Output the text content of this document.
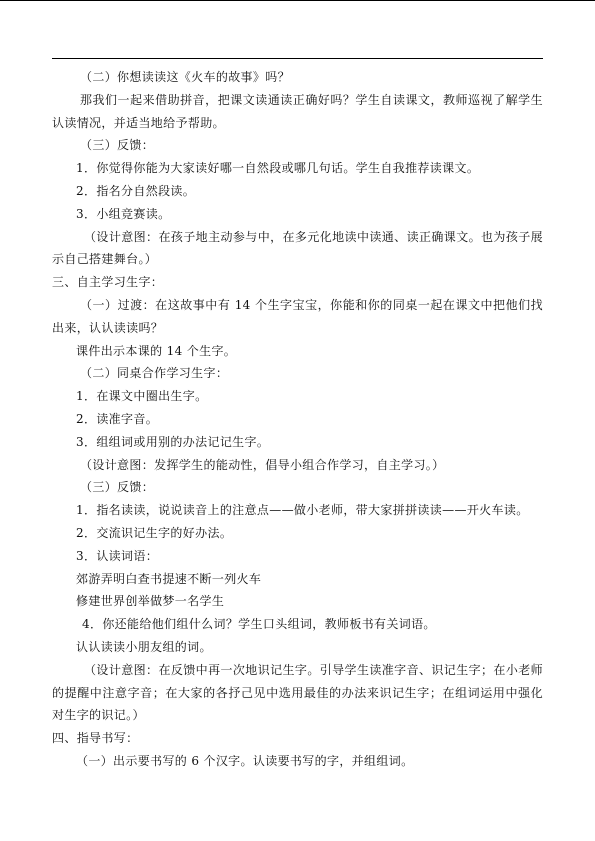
（二）你想读读这《火车的故事》吗？

那我们一起来借助拼音，把课文读通读正确好吗？学生自读课文，教师巡视了解学生认读情况，并适当地给予帮助。

（三）反馈：

1．你觉得你能为大家读好哪一自然段或哪几句话。学生自我推荐读课文。

2．指名分自然段读。

3．小组竞赛读。

（设计意图：在孩子地主动参与中，在多元化地读中读通、读正确课文。也为孩子展示自己搭建舞台。）

三、自主学习生字：

（一）过渡：在这故事中有 14 个生字宝宝，你能和你的同桌一起在课文中把他们找出来，认认读读吗？

课件出示本课的 14 个生字。

（二）同桌合作学习生字：

1．在课文中圈出生字。

2．读准字音。

3．组组词或用别的办法记记生字。

（设计意图：发挥学生的能动性，倡导小组合作学习，自主学习。）

（三）反馈：

1．指名读读，说说读音上的注意点——做小老师，带大家拼拼读读——开火车读。

2．交流识记生字的好办法。

3．认读词语：

郊游弄明白查书提速不断一列火车

修建世界创举做梦一名学生

4．你还能给他们组什么词？学生口头组词，教师板书有关词语。

认认读读小朋友组的词。

（设计意图：在反馈中再一次地识记生字。引导学生读准字音、识记生字；在小老师的提醒中注意字音；在大家的各抒己见中选用最佳的办法来识记生字；在组词运用中强化对生字的识记。）

四、指导书写：

（一）出示要书写的 6 个汉字。认读要书写的字，并组组词。
